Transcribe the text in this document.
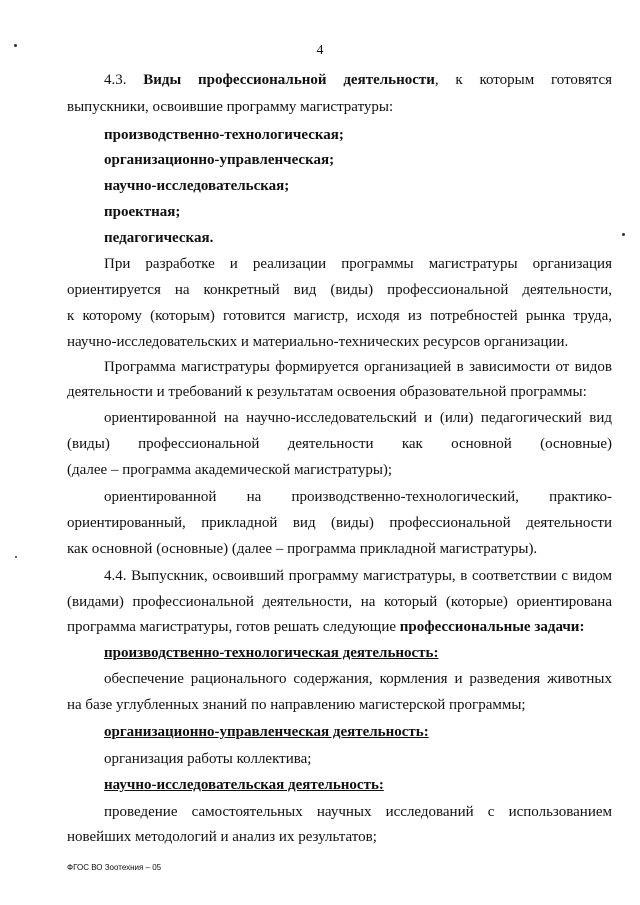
4
4.3. Виды профессиональной деятельности, к которым готовятся
выпускники, освоившие программу магистратуры:
производственно-технологическая;
организационно-управленческая;
научно-исследовательская;
проектная;
педагогическая.
При разработке и реализации программы магистратуры организация
ориентируется на конкретный вид (виды) профессиональной деятельности,
к которому (которым) готовится магистр, исходя из потребностей рынка труда,
научно-исследовательских и материально-технических ресурсов организации.
Программа магистратуры формируется организацией в зависимости от видов
деятельности и требований к результатам освоения образовательной программы:
ориентированной на научно-исследовательский и (или) педагогический вид
(виды) профессиональной деятельности как основной (основные)
(далее – программа академической магистратуры);
ориентированной на производственно-технологический, практико-
ориентированный, прикладной вид (виды) профессиональной деятельности
как основной (основные) (далее – программа прикладной магистратуры).
4.4. Выпускник, освоивший программу магистратуры, в соответствии с видом
(видами) профессиональной деятельности, на который (которые) ориентирована
программа магистратуры, готов решать следующие профессиональные задачи:
производственно-технологическая деятельность:
обеспечение рационального содержания, кормления и разведения животных
на базе углубленных знаний по направлению магистерской программы;
организационно-управленческая деятельность:
организация работы коллектива;
научно-исследовательская деятельность:
проведение самостоятельных научных исследований с использованием
новейших методологий и анализ их результатов;
ФГОС ВО Зоотехния – 05
